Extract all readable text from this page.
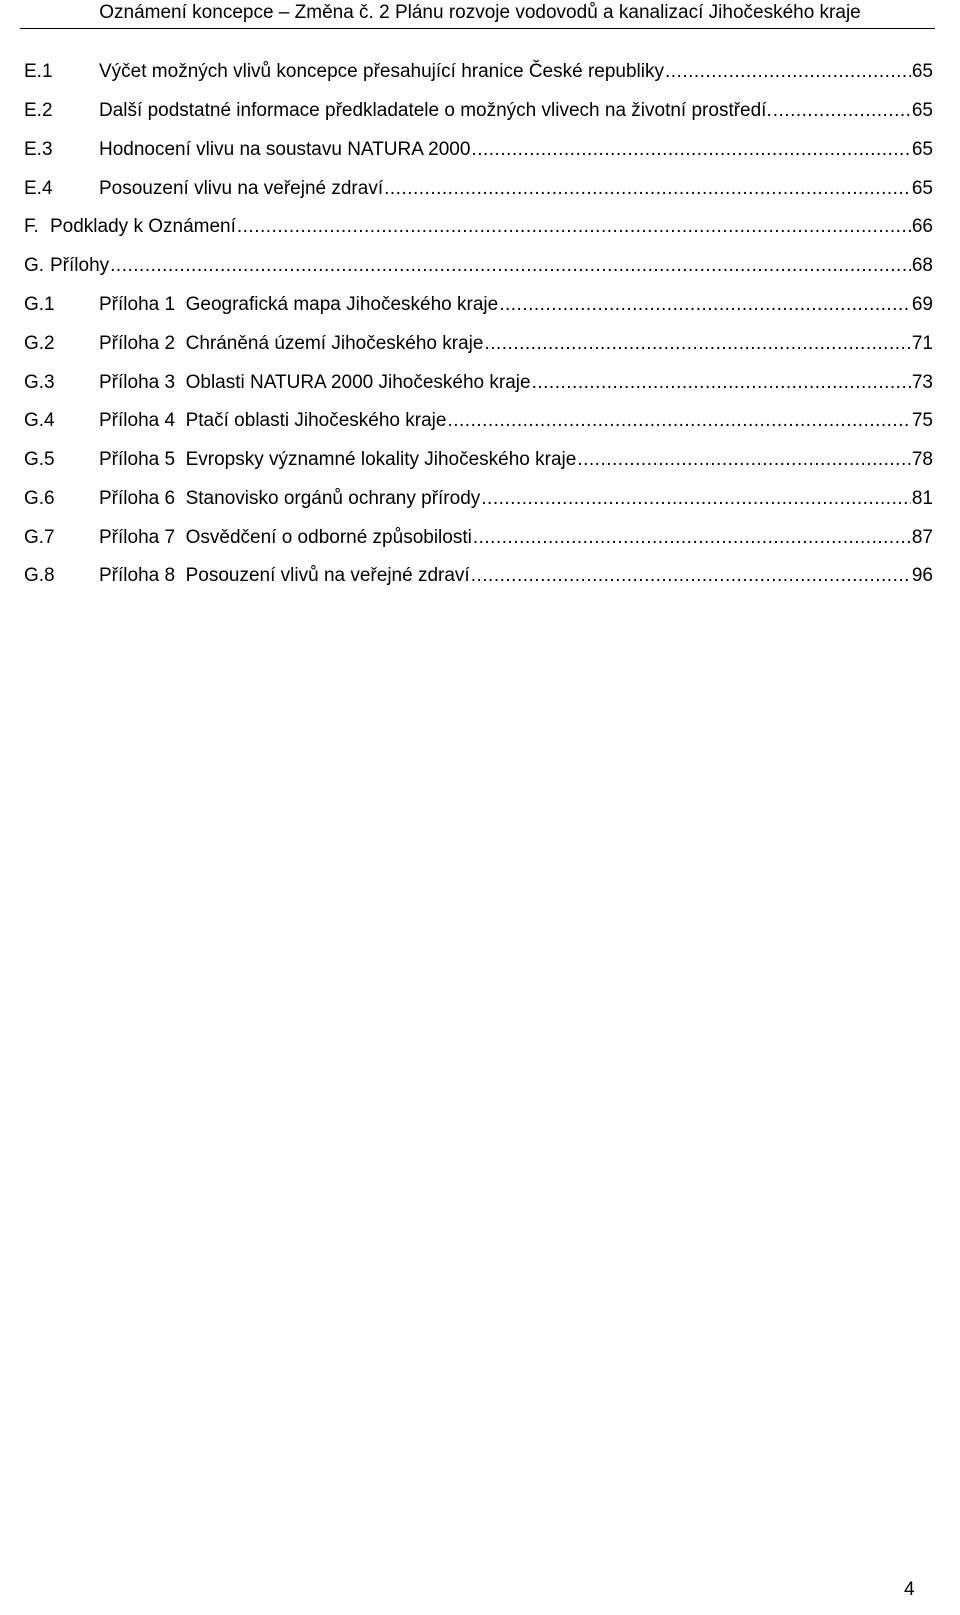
Oznámení koncepce – Změna č. 2 Plánu rozvoje vodovodů a kanalizací Jihočeského kraje
E.1 Výčet možných vlivů koncepce přesahující hranice České republiky .....	65
E.2 Další podstatné informace předkladatele o možných vlivech na životní prostředí. .....	65
E.3 Hodnocení vlivu na soustavu NATURA 2000 .....	65
E.4 Posouzení vlivu na veřejné zdraví .....	65
F. Podklady k Oznámení .....	66
G. Přílohy .....	68
G.1 Příloha 1  Geografická mapa Jihočeského kraje .....	69
G.2 Příloha 2  Chráněná území Jihočeského kraje .....	71
G.3 Příloha 3  Oblasti NATURA 2000 Jihočeského kraje .....	73
G.4 Příloha 4  Ptačí oblasti Jihočeského kraje .....	75
G.5 Příloha 5  Evropsky významné lokality Jihočeského kraje .....	78
G.6 Příloha 6  Stanovisko orgánů ochrany přírody .....	81
G.7 Příloha 7  Osvědčení o odborné způsobilosti .....	87
G.8 Příloha 8  Posouzení vlivů na veřejné zdraví .....	96
4
